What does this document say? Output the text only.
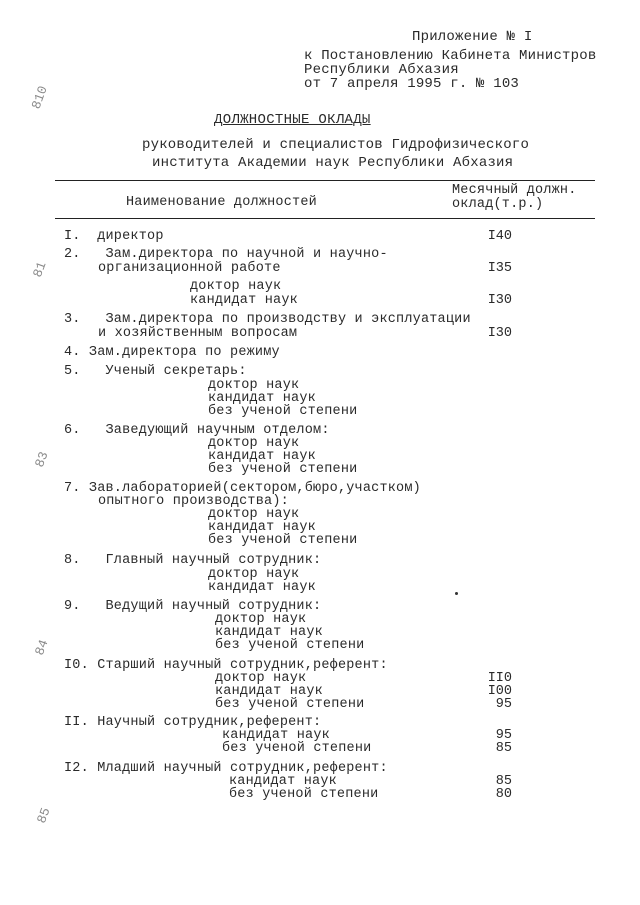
Приложение № I
к Постановлению Кабинета Министров
Республики Абхазия
от 7 апреля 1995 г. № 103
ДОЛЖНОСТНЫЕ ОКЛАДЫ
руководителей и специалистов Гидрофизического
института Академии наук Республики Абхазия
Наименование должностей
Месячный должн.
оклад(т.р.)
I.  директор	I40
2.   Зам.директора по научной и научно-
организационной работе	I35
доктор наук
кандидат наук	I30
3.   Зам.директора по производству и эксплуатации
и хозяйственным вопросам	I30
4. Зам.директора по режиму
5.   Ученый секретарь:
доктор наук
кандидат наук
без ученой степени
6.   Заведующий научным отделом:
доктор наук
кандидат наук
без ученой степени
7. Зав.лабораторией(сектором,бюро,участком)
опытного производства):
доктор наук
кандидат наук
без ученой степени
8.   Главный научный сотрудник:
доктор наук
кандидат наук
9.   Ведущий научный сотрудник:
доктор наук
кандидат наук
без ученой степени
I0. Старший научный сотрудник,референт:
доктор наук	II0
кандидат наук	I00
без ученой степени	95
II. Научный сотрудник,референт:
кандидат наук	95
без ученой степени	85
I2. Младший научный сотрудник,референт:
кандидат наук	85
без ученой степени	80
810
81
83
84
85
